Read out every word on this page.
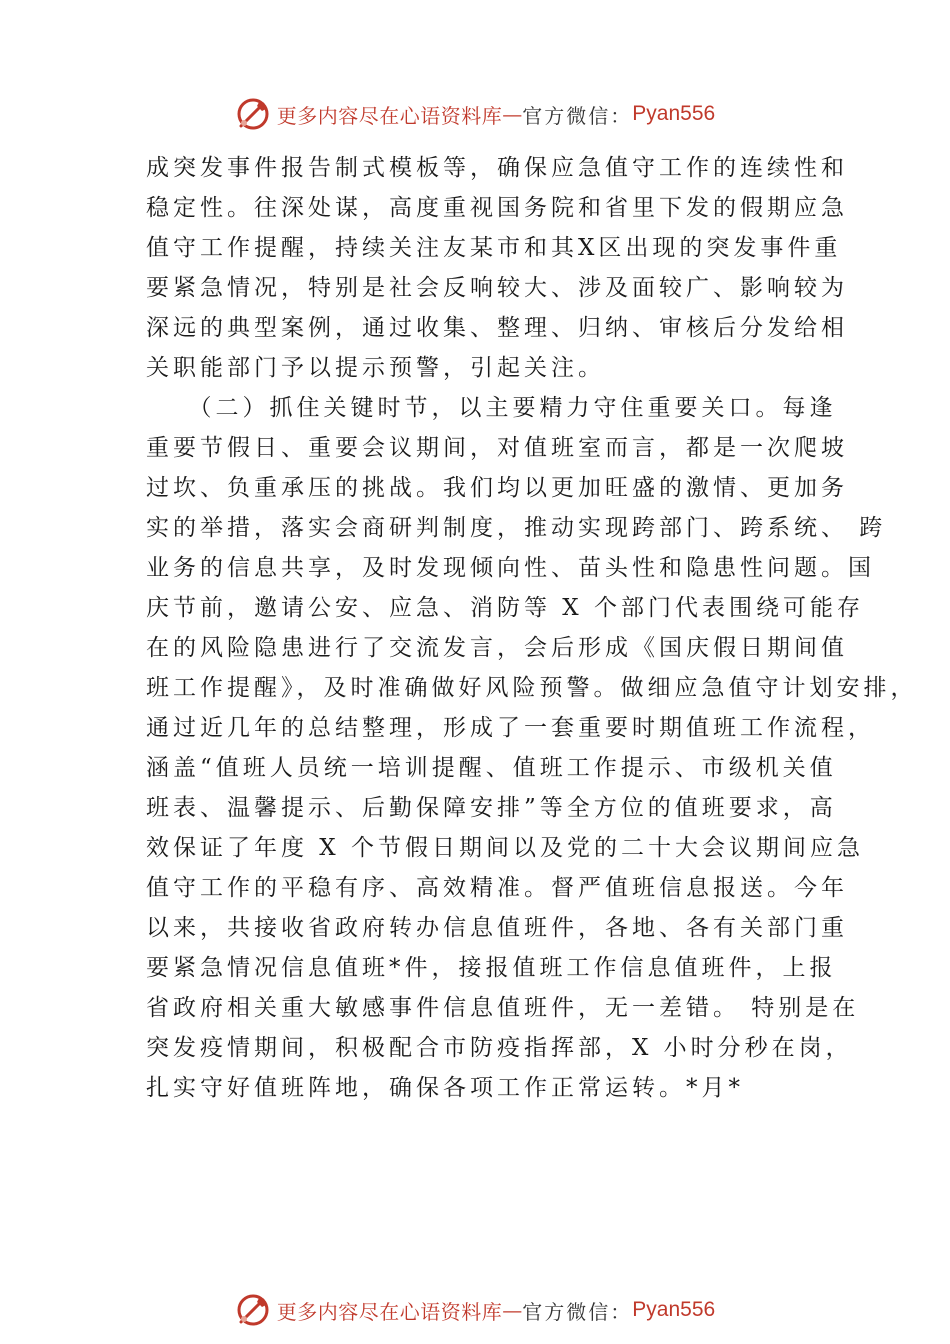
更多内容尽在心语资料库 — 官方微信： Pyan556
成突发事件报告制式模板等，确保应急值守工作的连续性和
稳定性。往深处谋，高度重视国务院和省里下发的假期应急
值守工作提醒，持续关注友某市和其X区出现的突发事件重
要紧急情况，特别是社会反响较大、涉及面较广、影响较为
深远的典型案例，通过收集、整理、归纳、审核后分发给相
关职能部门予以提示预警，引起关注。
　　（二）抓住关键时节，以主要精力守住重要关口。每逢
重要节假日、重要会议期间，对值班室而言，都是一次爬坡
过坎、负重承压的挑战。我们均以更加旺盛的激情、更加务
实的举措，落实会商研判制度，推动实现跨部门、跨系统、 跨
业务的信息共享，及时发现倾向性、苗头性和隐患性问题。国
庆节前，邀请公安、应急、消防等 X 个部门代表围绕可能存
在的风险隐患进行了交流发言，会后形成《国庆假日期间值
班工作提醒》，及时准确做好风险预警。做细应急值守计划安排，
通过近几年的总结整理，形成了一套重要时期值班工作流程，
涵盖“值班人员统一培训提醒、值班工作提示、市级机关值
班表、温馨提示、后勤保障安排”等全方位的值班要求，高
效保证了年度 X 个节假日期间以及党的二十大会议期间应急
值守工作的平稳有序、高效精准。督严值班信息报送。今年
以来，共接收省政府转办信息值班件，各地、各有关部门重
要紧急情况信息值班*件，接报值班工作信息值班件，上报
省政府相关重大敏感事件信息值班件，无一差错。 特别是在
突发疫情期间，积极配合市防疫指挥部，X 小时分秒在岗，
扎实守好值班阵地，确保各项工作正常运转。*月*
更多内容尽在心语资料库 — 官方微信： Pyan556
